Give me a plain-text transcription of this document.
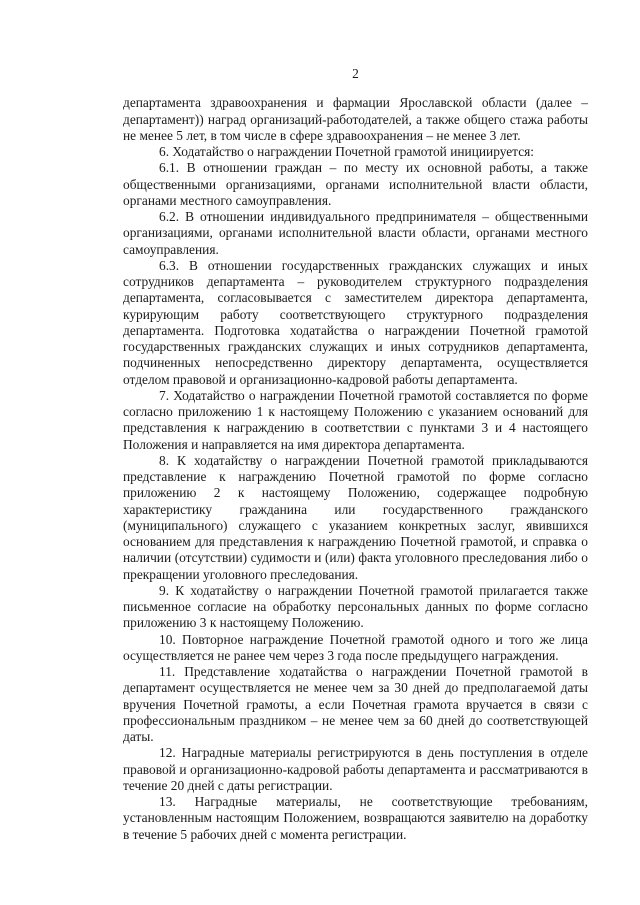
2

департамента здравоохранения и фармации Ярославской области (далее – департамент)) наград организаций-работодателей, а также общего стажа работы не менее 5 лет, в том числе в сфере здравоохранения – не менее 3 лет.

6. Ходатайство о награждении Почетной грамотой инициируется:

6.1. В отношении граждан – по месту их основной работы, а также общественными организациями, органами исполнительной власти области, органами местного самоуправления.

6.2. В отношении индивидуального предпринимателя – общественными организациями, органами исполнительной власти области, органами местного самоуправления.

6.3. В отношении государственных гражданских служащих и иных сотрудников департамента – руководителем структурного подразделения департамента, согласовывается с заместителем директора департамента, курирующим работу соответствующего структурного подразделения департамента. Подготовка ходатайства о награждении Почетной грамотой государственных гражданских служащих и иных сотрудников департамента, подчиненных непосредственно директору департамента, осуществляется отделом правовой и организационно-кадровой работы департамента.

7. Ходатайство о награждении Почетной грамотой составляется по форме согласно приложению 1 к настоящему Положению с указанием оснований для представления к награждению в соответствии с пунктами 3 и 4 настоящего Положения и направляется на имя директора департамента.

8. К ходатайству о награждении Почетной грамотой прикладываются представление к награждению Почетной грамотой по форме согласно приложению 2 к настоящему Положению, содержащее подробную характеристику гражданина или государственного гражданского (муниципального) служащего с указанием конкретных заслуг, явившихся основанием для представления к награждению Почетной грамотой, и справка о наличии (отсутствии) судимости и (или) факта уголовного преследования либо о прекращении уголовного преследования.

9. К ходатайству о награждении Почетной грамотой прилагается также письменное согласие на обработку персональных данных по форме согласно приложению 3 к настоящему Положению.

10. Повторное награждение Почетной грамотой одного и того же лица осуществляется не ранее чем через 3 года после предыдущего награждения.

11. Представление ходатайства о награждении Почетной грамотой в департамент осуществляется не менее чем за 30 дней до предполагаемой даты вручения Почетной грамоты, а если Почетная грамота вручается в связи с профессиональным праздником – не менее чем за 60 дней до соответствующей даты.

12. Наградные материалы регистрируются в день поступления в отделе правовой и организационно-кадровой работы департамента и рассматриваются в течение 20 дней с даты регистрации.

13. Наградные материалы, не соответствующие требованиям, установленным настоящим Положением, возвращаются заявителю на доработку в течение 5 рабочих дней с момента регистрации.
